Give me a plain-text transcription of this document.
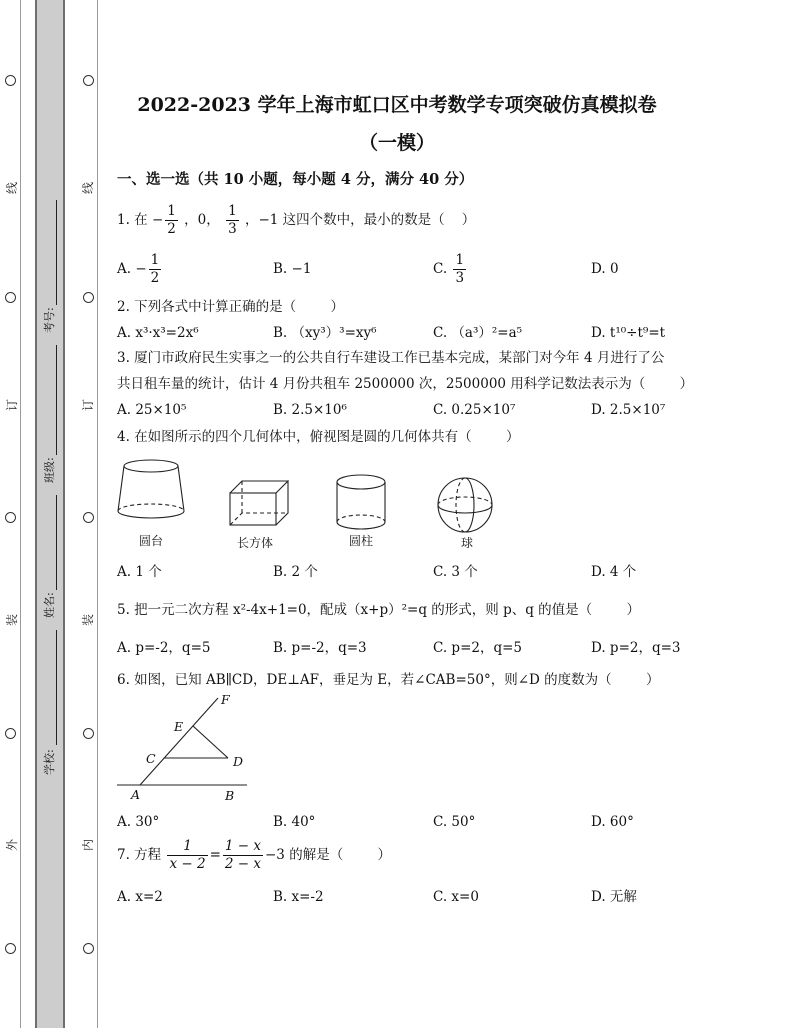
线
订
装
外
学校:
姓名:
班级:
考号:
线
订
装
内
2022-2023 学年上海市虹口区中考数学专项突破仿真模拟卷
（一模）
一、选一选（共 10 小题，每小题 4 分，满分 40 分）
1. 在 − $\frac{1}{2}$ ，0， $\frac{1}{3}$ ，−1 这四个数中，最小的数是（    ）
A. − $\frac{1}{2}$	B. −1	C. $\frac{1}{3}$	D. 0
2. 下列各式中计算正确的是（        ）
A. x³·x³=2x⁶	B. （xy³）³=xy⁶	C. （a³）²=a⁵	D. t¹⁰÷t⁹=t
3. 厦门市政府民生实事之一的公共自行车建设工作已基本完成，某部门对今年 4 月进行了公
共日租车量的统计，估计 4 月份共租车 2500000 次，2500000 用科学记数法表示为（        ）
A. 25×10⁵	B. 2.5×10⁶	C. 0.25×10⁷	D. 2.5×10⁷
4. 在如图所示的四个几何体中，俯视图是圆的几何体共有（        ）
圆台	长方体	圆柱	球
A. 1 个	B. 2 个	C. 3 个	D. 4 个
5. 把一元二次方程 x²-4x+1=0，配成（x+p）²=q 的形式，则 p、q 的值是（        ）
A. p=-2，q=5	B. p=-2，q=3	C. p=2，q=5	D. p=2，q=3
6. 如图，已知 AB∥CD，DE⊥AF，垂足为 E，若∠CAB=50°，则∠D 的度数为（        ）
F
E
C	D
A	B
A. 30°	B. 40°	C. 50°	D. 60°
7. 方程 $\frac{1}{x - 2} = \frac{1 - x}{2 - x} -3$ 的解是（        ）
A. x=2	B. x=-2	C. x=0	D. 无解
